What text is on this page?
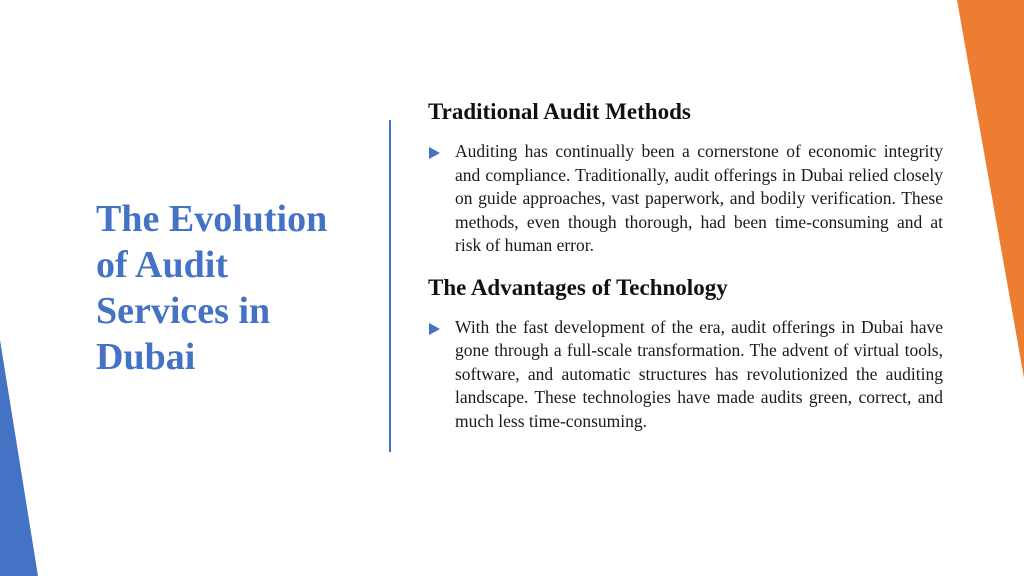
The Evolution of Audit Services in Dubai
Traditional Audit Methods

Auditing has continually been a cornerstone of economic integrity and compliance. Traditionally, audit offerings in Dubai relied closely on guide approaches, vast paperwork, and bodily verification. These methods, even though thorough, had been time-consuming and at risk of human error.

The Advantages of Technology

With the fast development of the era, audit offerings in Dubai have gone through a full-scale transformation. The advent of virtual tools, software, and automatic structures has revolutionized the auditing landscape. These technologies have made audits green, correct, and much less time-consuming.
